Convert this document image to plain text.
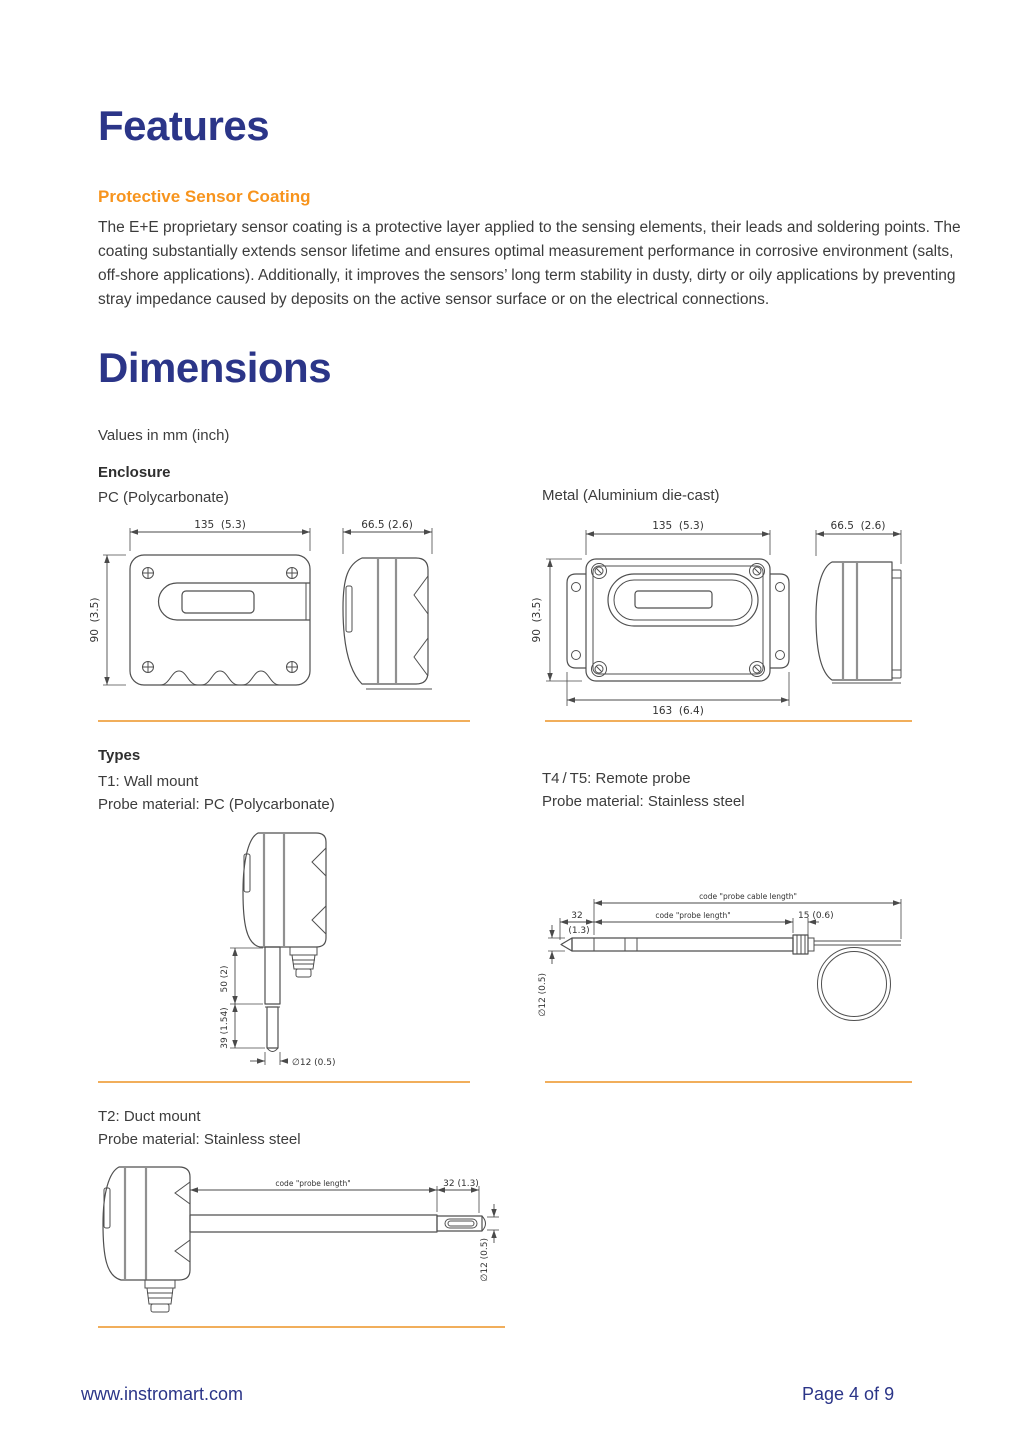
Features
Protective Sensor Coating
The E+E proprietary sensor coating is a protective layer applied to the sensing elements, their leads and soldering points. The coating substantially extends sensor lifetime and ensures optimal measurement performance in corrosive environment (salts, off-shore applications). Additionally, it improves the sensors’ long term stability in dusty, dirty or oily applications by preventing stray impedance caused by deposits on the active sensor surface or on the electrical connections.
Dimensions
Values in mm (inch)
Enclosure
PC (Polycarbonate)	Metal (Aluminium die-cast)
135  (5.3)
90  (3.5)
66.5 (2.6)	135  (5.3)
90  (3.5)
163  (6.4)
66.5  (2.6)
Types
T1: Wall mount
Probe material: PC (Polycarbonate)
T4 / T5: Remote probe
Probe material: Stainless steel
50 (2)
39 (1.54)
∅12 (0.5)
code "probe cable length"
code "probe length"
32
(1.3)
15 (0.6)
∅12 (0.5)
T2: Duct mount
Probe material: Stainless steel
code "probe length"	32 (1.3)
∅12 (0.5)
www.instromart.com	Page 4 of 9
